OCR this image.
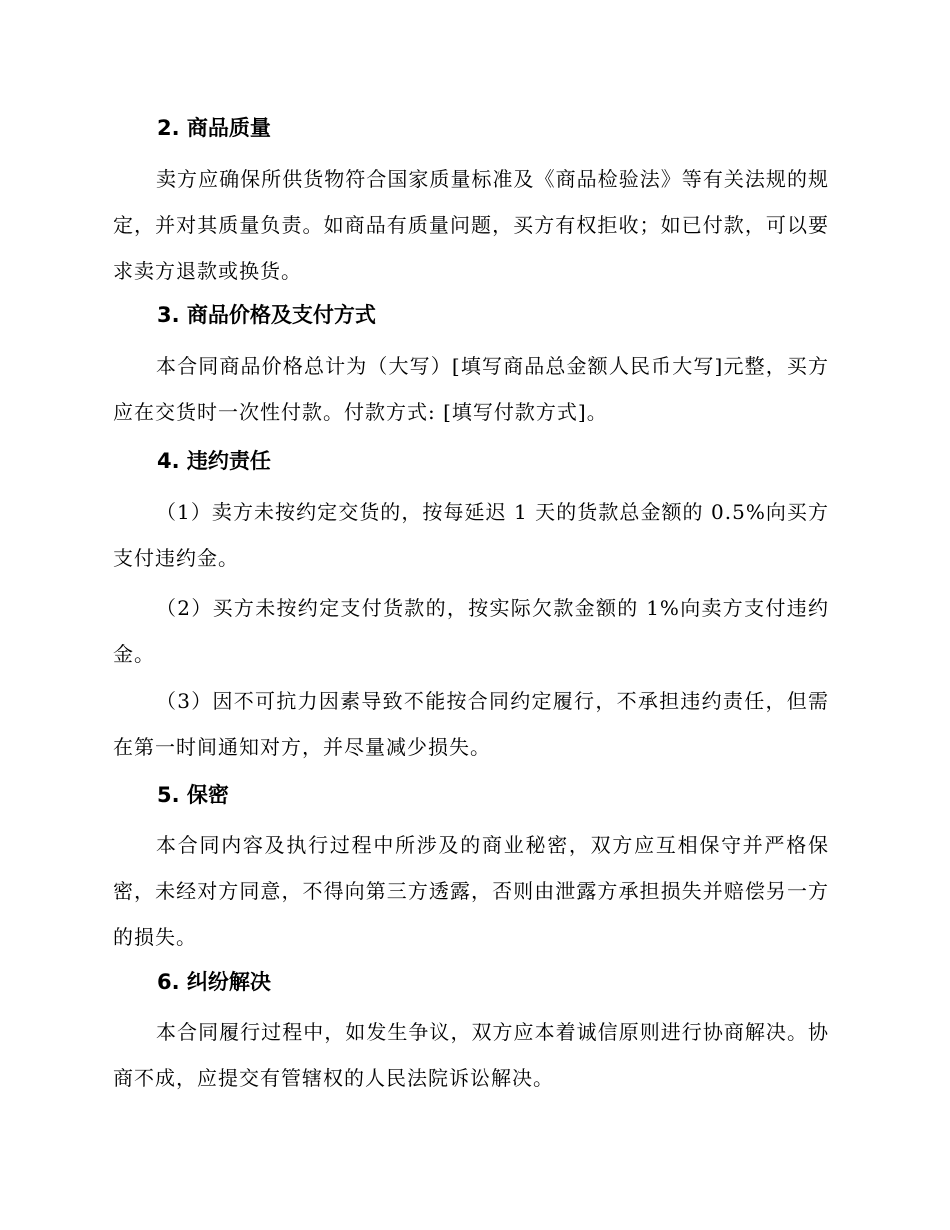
2. 商品质量
卖方应确保所供货物符合国家质量标准及《商品检验法》等有关法规的规定，并对其质量负责。如商品有质量问题，买方有权拒收；如已付款，可以要求卖方退款或换货。
3. 商品价格及支付方式
本合同商品价格总计为（大写）[填写商品总金额人民币大写]元整，买方应在交货时一次性付款。付款方式: [填写付款方式]。
4. 违约责任
（1）卖方未按约定交货的，按每延迟 1 天的货款总金额的 0.5%向买方支付违约金。
（2）买方未按约定支付货款的，按实际欠款金额的 1%向卖方支付违约金。
（3）因不可抗力因素导致不能按合同约定履行，不承担违约责任，但需在第一时间通知对方，并尽量减少损失。
5. 保密
本合同内容及执行过程中所涉及的商业秘密，双方应互相保守并严格保密，未经对方同意，不得向第三方透露，否则由泄露方承担损失并赔偿另一方的损失。
6. 纠纷解决
本合同履行过程中，如发生争议，双方应本着诚信原则进行协商解决。协商不成，应提交有管辖权的人民法院诉讼解决。
